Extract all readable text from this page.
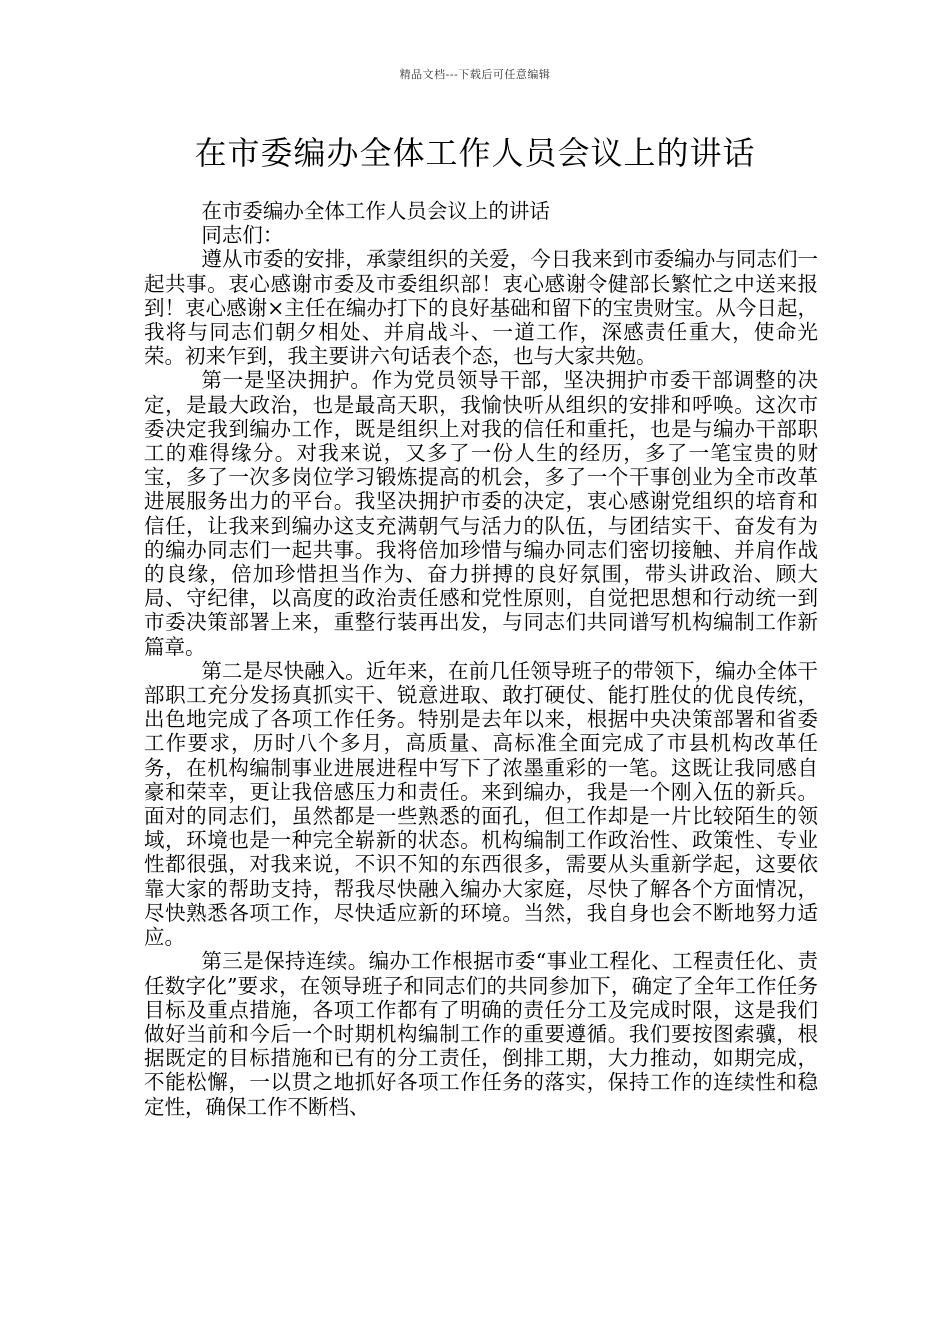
精品文档---下载后可任意编辑
在市委编办全体工作人员会议上的讲话

在市委编办全体工作人员会议上的讲话

同志们：

遵从市委的安排，承蒙组织的关爱，今日我来到市委编办与同志们一起共事。衷心感谢市委及市委组织部！衷心感谢令健部长繁忙之中送来报到！衷心感谢×主任在编办打下的良好基础和留下的宝贵财宝。从今日起，我将与同志们朝夕相处、并肩战斗、一道工作，深感责任重大，使命光荣。初来乍到，我主要讲六句话表个态，也与大家共勉。

第一是坚决拥护。作为党员领导干部，坚决拥护市委干部调整的决定，是最大政治，也是最高天职，我愉快听从组织的安排和呼唤。这次市委决定我到编办工作，既是组织上对我的信任和重托，也是与编办干部职工的难得缘分。对我来说，又多了一份人生的经历，多了一笔宝贵的财宝，多了一次多岗位学习锻炼提高的机会，多了一个干事创业为全市改革进展服务出力的平台。我坚决拥护市委的决定，衷心感谢党组织的培育和信任，让我来到编办这支充满朝气与活力的队伍，与团结实干、奋发有为的编办同志们一起共事。我将倍加珍惜与编办同志们密切接触、并肩作战的良缘，倍加珍惜担当作为、奋力拼搏的良好氛围，带头讲政治、顾大局、守纪律，以高度的政治责任感和党性原则，自觉把思想和行动统一到市委决策部署上来，重整行装再出发，与同志们共同谱写机构编制工作新篇章。

第二是尽快融入。近年来，在前几任领导班子的带领下，编办全体干部职工充分发扬真抓实干、锐意进取、敢打硬仗、能打胜仗的优良传统，出色地完成了各项工作任务。特别是去年以来，根据中央决策部署和省委工作要求，历时八个多月，高质量、高标准全面完成了市县机构改革任务，在机构编制事业进展进程中写下了浓墨重彩的一笔。这既让我同感自豪和荣幸，更让我倍感压力和责任。来到编办，我是一个刚入伍的新兵。面对的同志们，虽然都是一些熟悉的面孔，但工作却是一片比较陌生的领域，环境也是一种完全崭新的状态。机构编制工作政治性、政策性、专业性都很强，对我来说，不识不知的东西很多，需要从头重新学起，这要依靠大家的帮助支持，帮我尽快融入编办大家庭，尽快了解各个方面情况，尽快熟悉各项工作，尽快适应新的环境。当然，我自身也会不断地努力适应。

第三是保持连续。编办工作根据市委“事业工程化、工程责任化、责任数字化”要求，在领导班子和同志们的共同参加下，确定了全年工作任务目标及重点措施，各项工作都有了明确的责任分工及完成时限，这是我们做好当前和今后一个时期机构编制工作的重要遵循。我们要按图索骥，根据既定的目标措施和已有的分工责任，倒排工期，大力推动，如期完成，不能松懈，一以贯之地抓好各项工作任务的落实，保持工作的连续性和稳定性，确保工作不断档、
